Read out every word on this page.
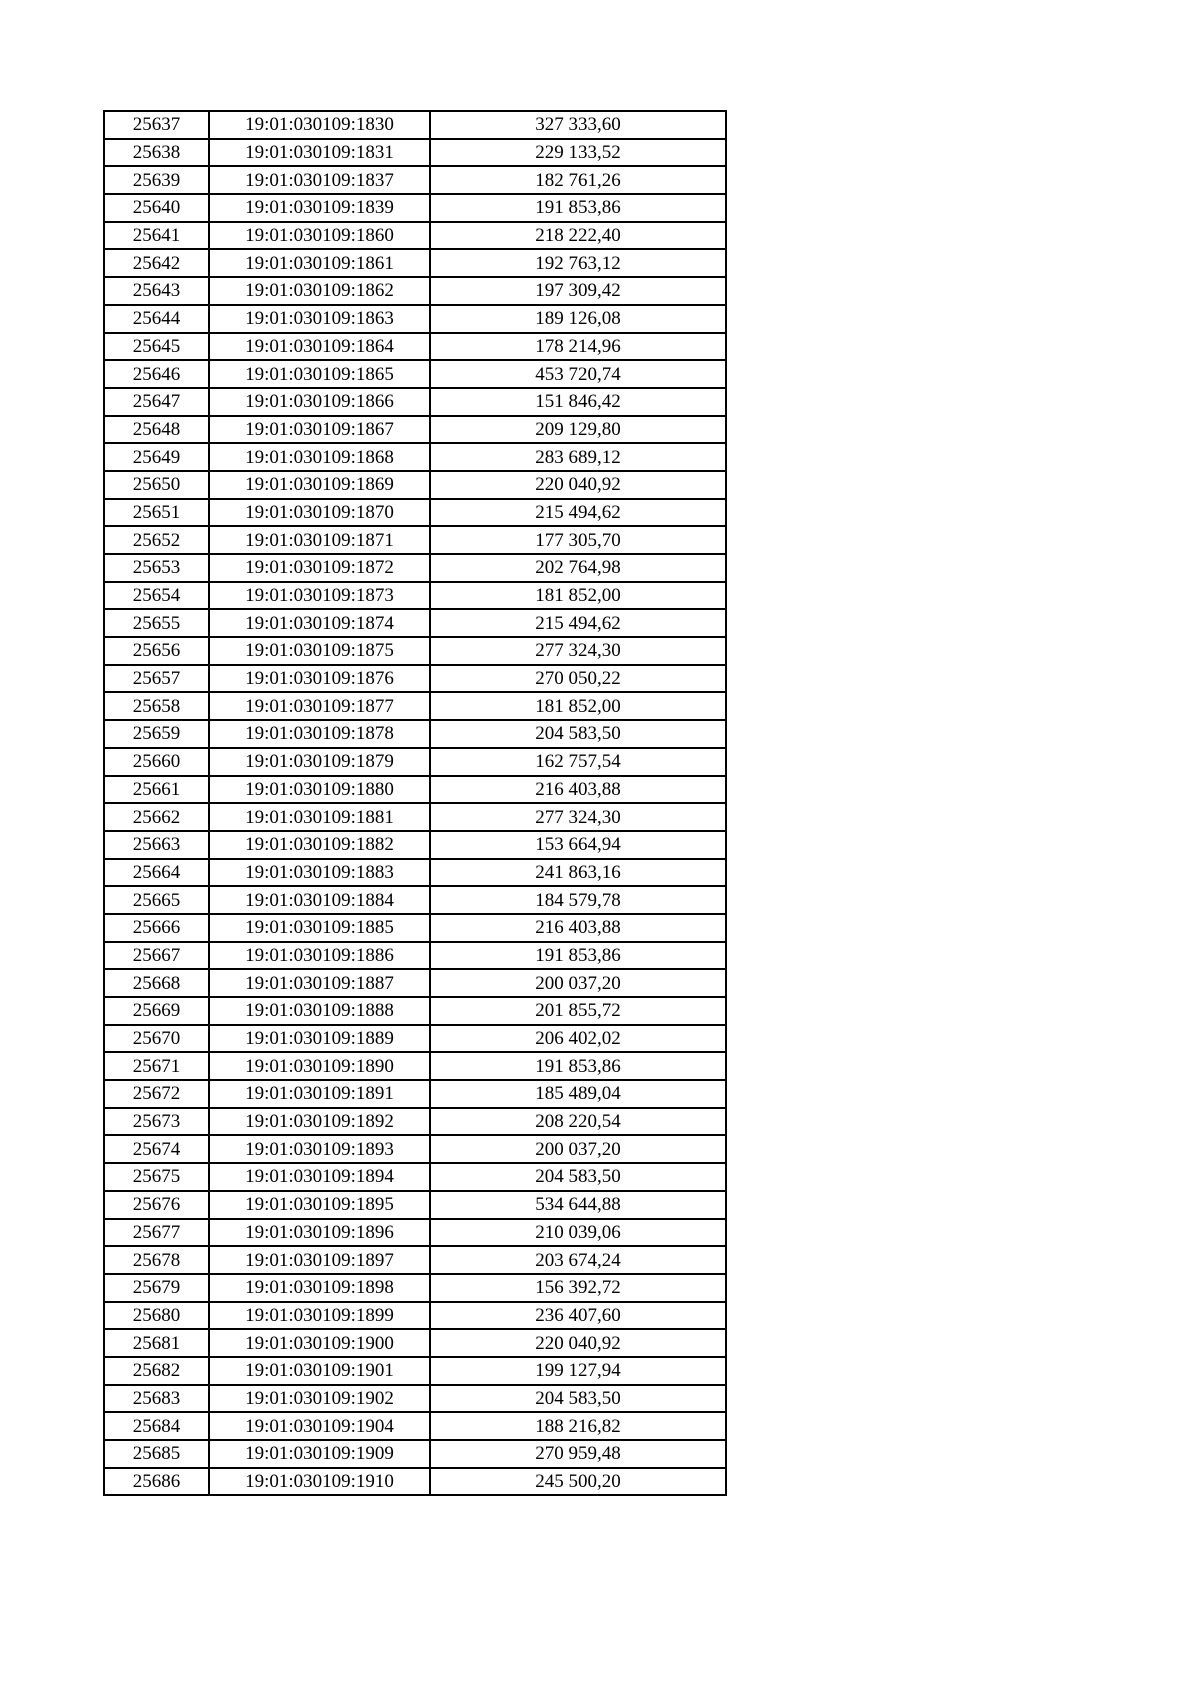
25637	19:01:030109:1830	327 333,60
25638	19:01:030109:1831	229 133,52
25639	19:01:030109:1837	182 761,26
25640	19:01:030109:1839	191 853,86
25641	19:01:030109:1860	218 222,40
25642	19:01:030109:1861	192 763,12
25643	19:01:030109:1862	197 309,42
25644	19:01:030109:1863	189 126,08
25645	19:01:030109:1864	178 214,96
25646	19:01:030109:1865	453 720,74
25647	19:01:030109:1866	151 846,42
25648	19:01:030109:1867	209 129,80
25649	19:01:030109:1868	283 689,12
25650	19:01:030109:1869	220 040,92
25651	19:01:030109:1870	215 494,62
25652	19:01:030109:1871	177 305,70
25653	19:01:030109:1872	202 764,98
25654	19:01:030109:1873	181 852,00
25655	19:01:030109:1874	215 494,62
25656	19:01:030109:1875	277 324,30
25657	19:01:030109:1876	270 050,22
25658	19:01:030109:1877	181 852,00
25659	19:01:030109:1878	204 583,50
25660	19:01:030109:1879	162 757,54
25661	19:01:030109:1880	216 403,88
25662	19:01:030109:1881	277 324,30
25663	19:01:030109:1882	153 664,94
25664	19:01:030109:1883	241 863,16
25665	19:01:030109:1884	184 579,78
25666	19:01:030109:1885	216 403,88
25667	19:01:030109:1886	191 853,86
25668	19:01:030109:1887	200 037,20
25669	19:01:030109:1888	201 855,72
25670	19:01:030109:1889	206 402,02
25671	19:01:030109:1890	191 853,86
25672	19:01:030109:1891	185 489,04
25673	19:01:030109:1892	208 220,54
25674	19:01:030109:1893	200 037,20
25675	19:01:030109:1894	204 583,50
25676	19:01:030109:1895	534 644,88
25677	19:01:030109:1896	210 039,06
25678	19:01:030109:1897	203 674,24
25679	19:01:030109:1898	156 392,72
25680	19:01:030109:1899	236 407,60
25681	19:01:030109:1900	220 040,92
25682	19:01:030109:1901	199 127,94
25683	19:01:030109:1902	204 583,50
25684	19:01:030109:1904	188 216,82
25685	19:01:030109:1909	270 959,48
25686	19:01:030109:1910	245 500,20
